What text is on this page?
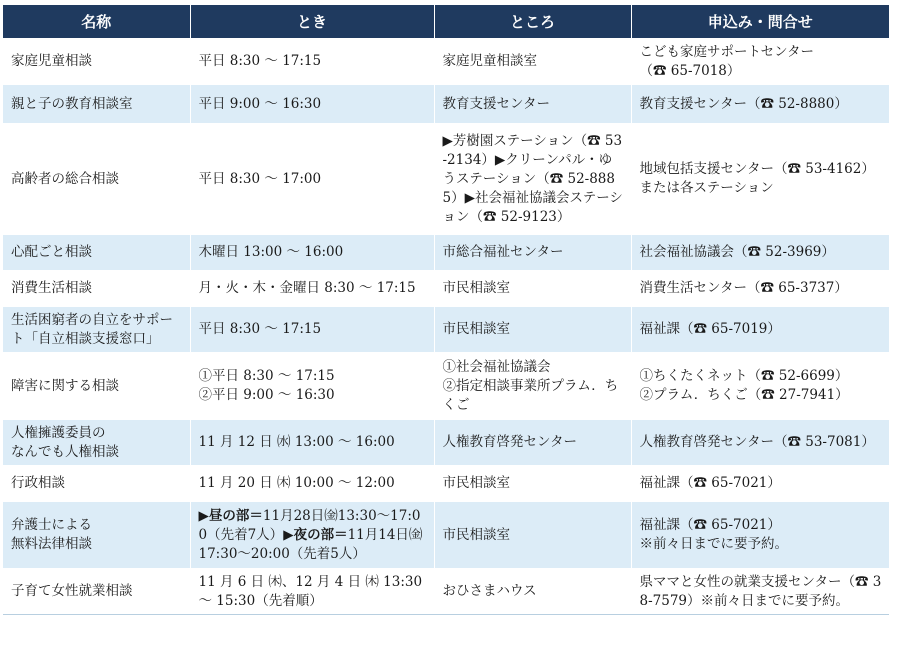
名称	とき	ところ	申込み・問合せ

家庭児童相談	平日 8:30 ～ 17:15	家庭児童相談室	こども家庭サポートセンター
（☎ 65-7018）

親と子の教育相談室	平日 9:00 ～ 16:30	教育支援センター	教育支援センター（☎ 52-8880）

高齢者の総合相談	平日 8:30 ～ 17:00	▶芳樹園ステーション（☎ 53-2134）▶クリーンパル・ゆうステーション（☎ 52-8885）▶社会福祉協議会ステーション（☎ 52-9123）	地域包括支援センター（☎ 53-4162）
または各ステーション

心配ごと相談	木曜日 13:00 ～ 16:00	市総合福祉センター	社会福祉協議会（☎ 52-3969）

消費生活相談	月・火・木・金曜日 8:30 ～ 17:15	市民相談室	消費生活センター（☎ 65-3737）

生活困窮者の自立をサポート「自立相談支援窓口」	平日 8:30 ～ 17:15	市民相談室	福祉課（☎ 65-7019）

障害に関する相談	①平日 8:30 ～ 17:15
②平日 9:00 ～ 16:30	①社会福祉協議会
②指定相談事業所プラム．ちくご	①ちくたくネット（☎ 52-6699）
②プラム．ちくご（☎ 27-7941）

人権擁護委員の
なんでも人権相談	11 月 12 日 ㈬ 13:00 ～ 16:00	人権教育啓発センター	人権教育啓発センター（☎ 53-7081）

行政相談	11 月 20 日 ㈭ 10:00 ～ 12:00	市民相談室	福祉課（☎ 65-7021）

弁護士による
無料法律相談	▶昼の部＝11月28日㈮13:30～17:00（先着7人）▶夜の部＝11月14日㈮17:30～20:00（先着5人）	市民相談室	福祉課（☎ 65-7021）
※前々日までに要予約。

子育て女性就業相談	11 月 6 日 ㈭、12 月 4 日 ㈭ 13:30 ～ 15:30（先着順）	おひさまハウス	県ママと女性の就業支援センター（☎ 38-7579）※前々日までに要予約。
